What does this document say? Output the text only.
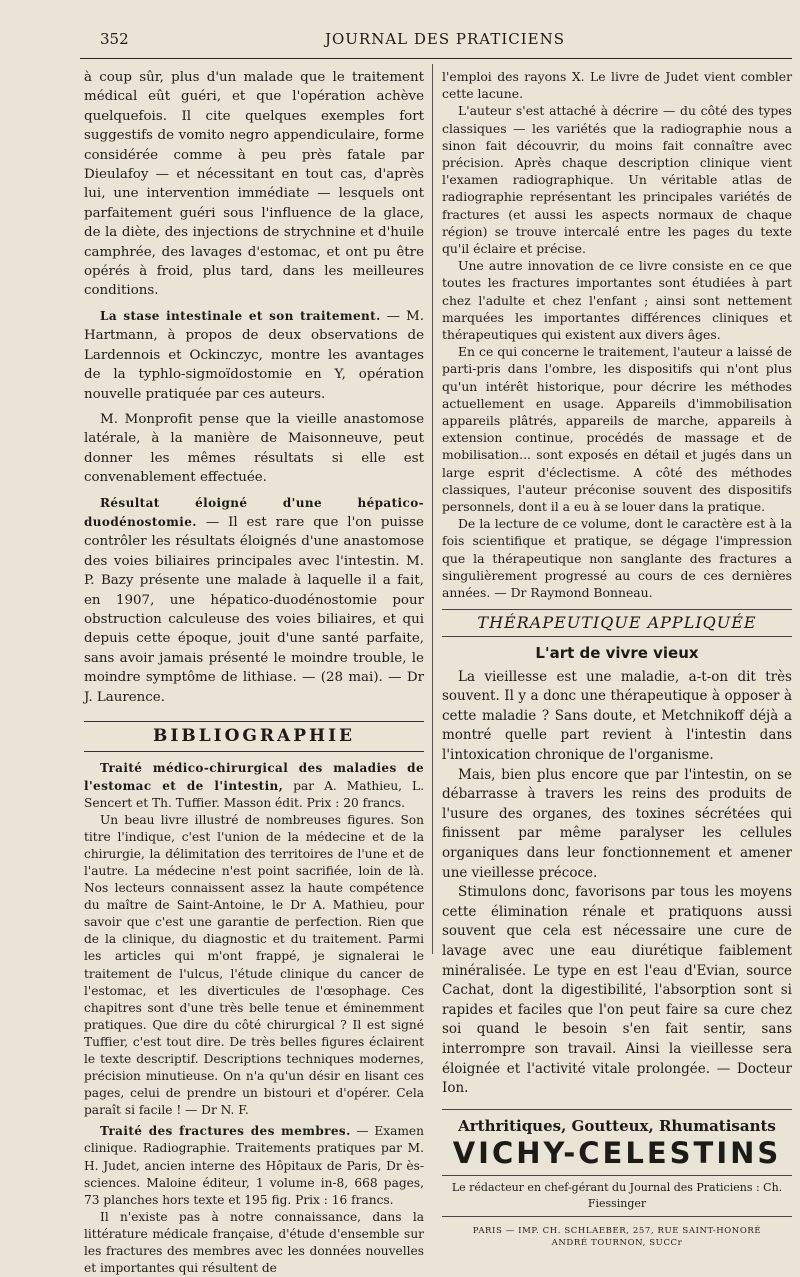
352	JOURNAL DES PRATICIENS

à coup sûr, plus d'un malade que le traitement médical eût guéri, et que l'opération achève quelquefois. Il cite quelques exemples fort suggestifs de vomito negro appendiculaire, forme considérée comme à peu près fatale par Dieulafoy — et nécessitant en tout cas, d'après lui, une intervention immédiate — lesquels ont parfaitement guéri sous l'influence de la glace, de la diète, des injections de strychnine et d'huile camphrée, des lavages d'estomac, et ont pu être opérés à froid, plus tard, dans les meilleures conditions.

La stase intestinale et son traitement. — M. Hartmann, à propos de deux observations de Lardennois et Ockinczyc, montre les avantages de la typhlo-sigmoïdostomie en Y, opération nouvelle pratiquée par ces auteurs.

M. Monprofit pense que la vieille anastomose latérale, à la manière de Maisonneuve, peut donner les mêmes résultats si elle est convenablement effectuée.

Résultat éloigné d'une hépatico-duodénostomie. — Il est rare que l'on puisse contrôler les résultats éloignés d'une anastomose des voies biliaires principales avec l'intestin. M. P. Bazy présente une malade à laquelle il a fait, en 1907, une hépatico-duodénostomie pour obstruction calculeuse des voies biliaires, et qui depuis cette époque, jouit d'une santé parfaite, sans avoir jamais présenté le moindre trouble, le moindre symptôme de lithiase. — (28 mai). — Dr J. Laurence.

BIBLIOGRAPHIE

Traité médico-chirurgical des maladies de l'estomac et de l'intestin, par A. Mathieu, L. Sencert et Th. Tuffier. Masson édit. Prix : 20 francs.

Un beau livre illustré de nombreuses figures. Son titre l'indique, c'est l'union de la médecine et de la chirurgie, la délimitation des territoires de l'une et de l'autre. La médecine n'est point sacrifiée, loin de là. Nos lecteurs connaissent assez la haute compétence du maître de Saint-Antoine, le Dr A. Mathieu, pour savoir que c'est une garantie de perfection. Rien que de la clinique, du diagnostic et du traitement. Parmi les articles qui m'ont frappé, je signalerai le traitement de l'ulcus, l'étude clinique du cancer de l'estomac, et les diverticules de l'œsophage. Ces chapitres sont d'une très belle tenue et éminemment pratiques. Que dire du côté chirurgical ? Il est signé Tuffier, c'est tout dire. De très belles figures éclairent le texte descriptif. Descriptions techniques modernes, précision minutieuse. On n'a qu'un désir en lisant ces pages, celui de prendre un bistouri et d'opérer. Cela paraît si facile ! — Dr N. F.

Traité des fractures des membres. — Examen clinique. Radiographie. Traitements pratiques par M. H. Judet, ancien interne des Hôpitaux de Paris, Dr ès-sciences. Maloine éditeur, 1 volume in-8, 668 pages, 73 planches hors texte et 195 fig. Prix : 16 francs.

Il n'existe pas à notre connaissance, dans la littérature médicale française, d'étude d'ensemble sur les fractures des membres avec les données nouvelles et importantes qui résultent de

l'emploi des rayons X. Le livre de Judet vient combler cette lacune.

L'auteur s'est attaché à décrire — du côté des types classiques — les variétés que la radiographie nous a sinon fait découvrir, du moins fait connaître avec précision. Après chaque description clinique vient l'examen radiographique. Un véritable atlas de radiographie représentant les principales variétés de fractures (et aussi les aspects normaux de chaque région) se trouve intercalé entre les pages du texte qu'il éclaire et précise.

Une autre innovation de ce livre consiste en ce que toutes les fractures importantes sont étudiées à part chez l'adulte et chez l'enfant ; ainsi sont nettement marquées les importantes différences cliniques et thérapeutiques qui existent aux divers âges.

En ce qui concerne le traitement, l'auteur a laissé de parti-pris dans l'ombre, les dispositifs qui n'ont plus qu'un intérêt historique, pour décrire les méthodes actuellement en usage. Appareils d'immobilisation appareils plâtrés, appareils de marche, appareils à extension continue, procédés de massage et de mobilisation... sont exposés en détail et jugés dans un large esprit d'éclectisme. A côté des méthodes classiques, l'auteur préconise souvent des dispositifs personnels, dont il a eu à se louer dans la pratique.

De la lecture de ce volume, dont le caractère est à la fois scientifique et pratique, se dégage l'impression que la thérapeutique non sanglante des fractures a singulièrement progressé au cours de ces dernières années. — Dr Raymond Bonneau.

THÉRAPEUTIQUE APPLIQUÉE
L'art de vivre vieux

La vieillesse est une maladie, a-t-on dit très souvent. Il y a donc une thérapeutique à opposer à cette maladie ? Sans doute, et Metchnikoff déjà a montré quelle part revient à l'intestin dans l'intoxication chronique de l'organisme.

Mais, bien plus encore que par l'intestin, on se débarrasse à travers les reins des produits de l'usure des organes, des toxines sécrétées qui finissent par même paralyser les cellules organiques dans leur fonctionnement et amener une vieillesse précoce.

Stimulons donc, favorisons par tous les moyens cette élimination rénale et pratiquons aussi souvent que cela est nécessaire une cure de lavage avec une eau diurétique faiblement minéralisée. Le type en est l'eau d'Evian, source Cachat, dont la digestibilité, l'absorption sont si rapides et faciles que l'on peut faire sa cure chez soi quand le besoin s'en fait sentir, sans interrompre son travail. Ainsi la vieillesse sera éloignée et l'activité vitale prolongée. — Docteur Ion.

Arthritiques, Goutteux, Rhumatisants
VICHY-CELESTINS
Le rédacteur en chef-gérant du Journal des Praticiens : Ch. Fiessinger
PARIS — IMP. CH. SCHLAEBER, 257, RUE SAINT-HONORÉ
ANDRÉ TOURNON, SUCCr
